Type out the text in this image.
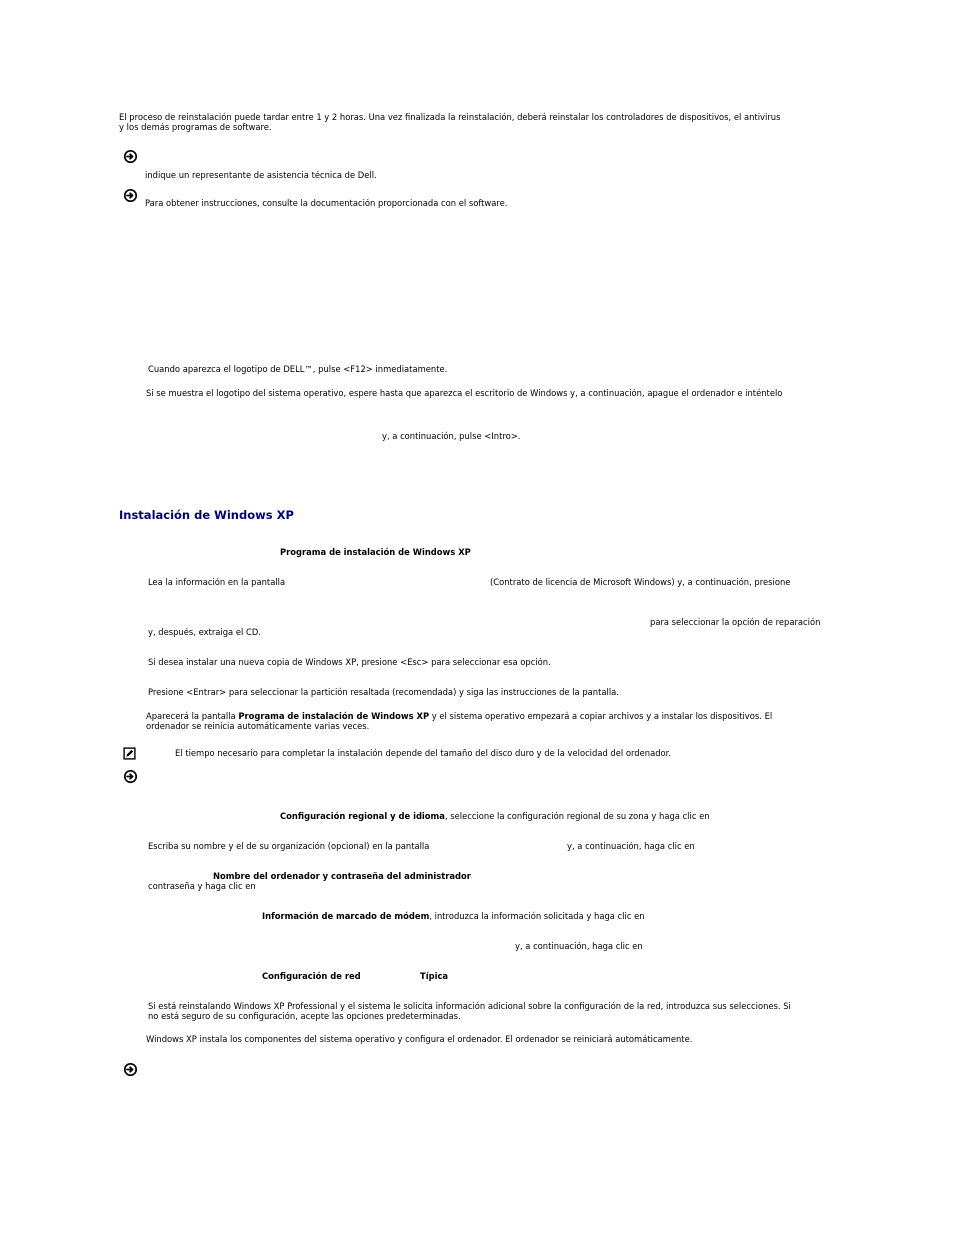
El proceso de reinstalación puede tardar entre 1 y 2 horas. Una vez finalizada la reinstalación, deberá reinstalar los controladores de dispositivos, el antivirus
y los demás programas de software.
indique un representante de asistencia técnica de Dell.
Para obtener instrucciones, consulte la documentación proporcionada con el software.
Cuando aparezca el logotipo de DELL™, pulse <F12> inmediatamente.
Si se muestra el logotipo del sistema operativo, espere hasta que aparezca el escritorio de Windows y, a continuación, apague el ordenador e inténtelo
y, a continuación, pulse <Intro>.
Instalación de Windows XP
Programa de instalación de Windows XP
Lea la información en la pantalla	(Contrato de licencia de Microsoft Windows) y, a continuación, presione
para seleccionar la opción de reparación
y, después, extraiga el CD.
Si desea instalar una nueva copia de Windows XP, presione <Esc> para seleccionar esa opción.
Presione <Entrar> para seleccionar la partición resaltada (recomendada) y siga las instrucciones de la pantalla.
Aparecerá la pantalla Programa de instalación de Windows XP y el sistema operativo empezará a copiar archivos y a instalar los dispositivos. El
ordenador se reinicia automáticamente varias veces.
El tiempo necesario para completar la instalación depende del tamaño del disco duro y de la velocidad del ordenador.
Configuración regional y de idioma, seleccione la configuración regional de su zona y haga clic en
Escriba su nombre y el de su organización (opcional) en la pantalla	y, a continuación, haga clic en
Nombre del ordenador y contraseña del administrador
contraseña y haga clic en
Información de marcado de módem, introduzca la información solicitada y haga clic en
y, a continuación, haga clic en
Configuración de red	Típica
Si está reinstalando Windows XP Professional y el sistema le solicita información adicional sobre la configuración de la red, introduzca sus selecciones. Si
no está seguro de su configuración, acepte las opciones predeterminadas.
Windows XP instala los componentes del sistema operativo y configura el ordenador. El ordenador se reiniciará automáticamente.
